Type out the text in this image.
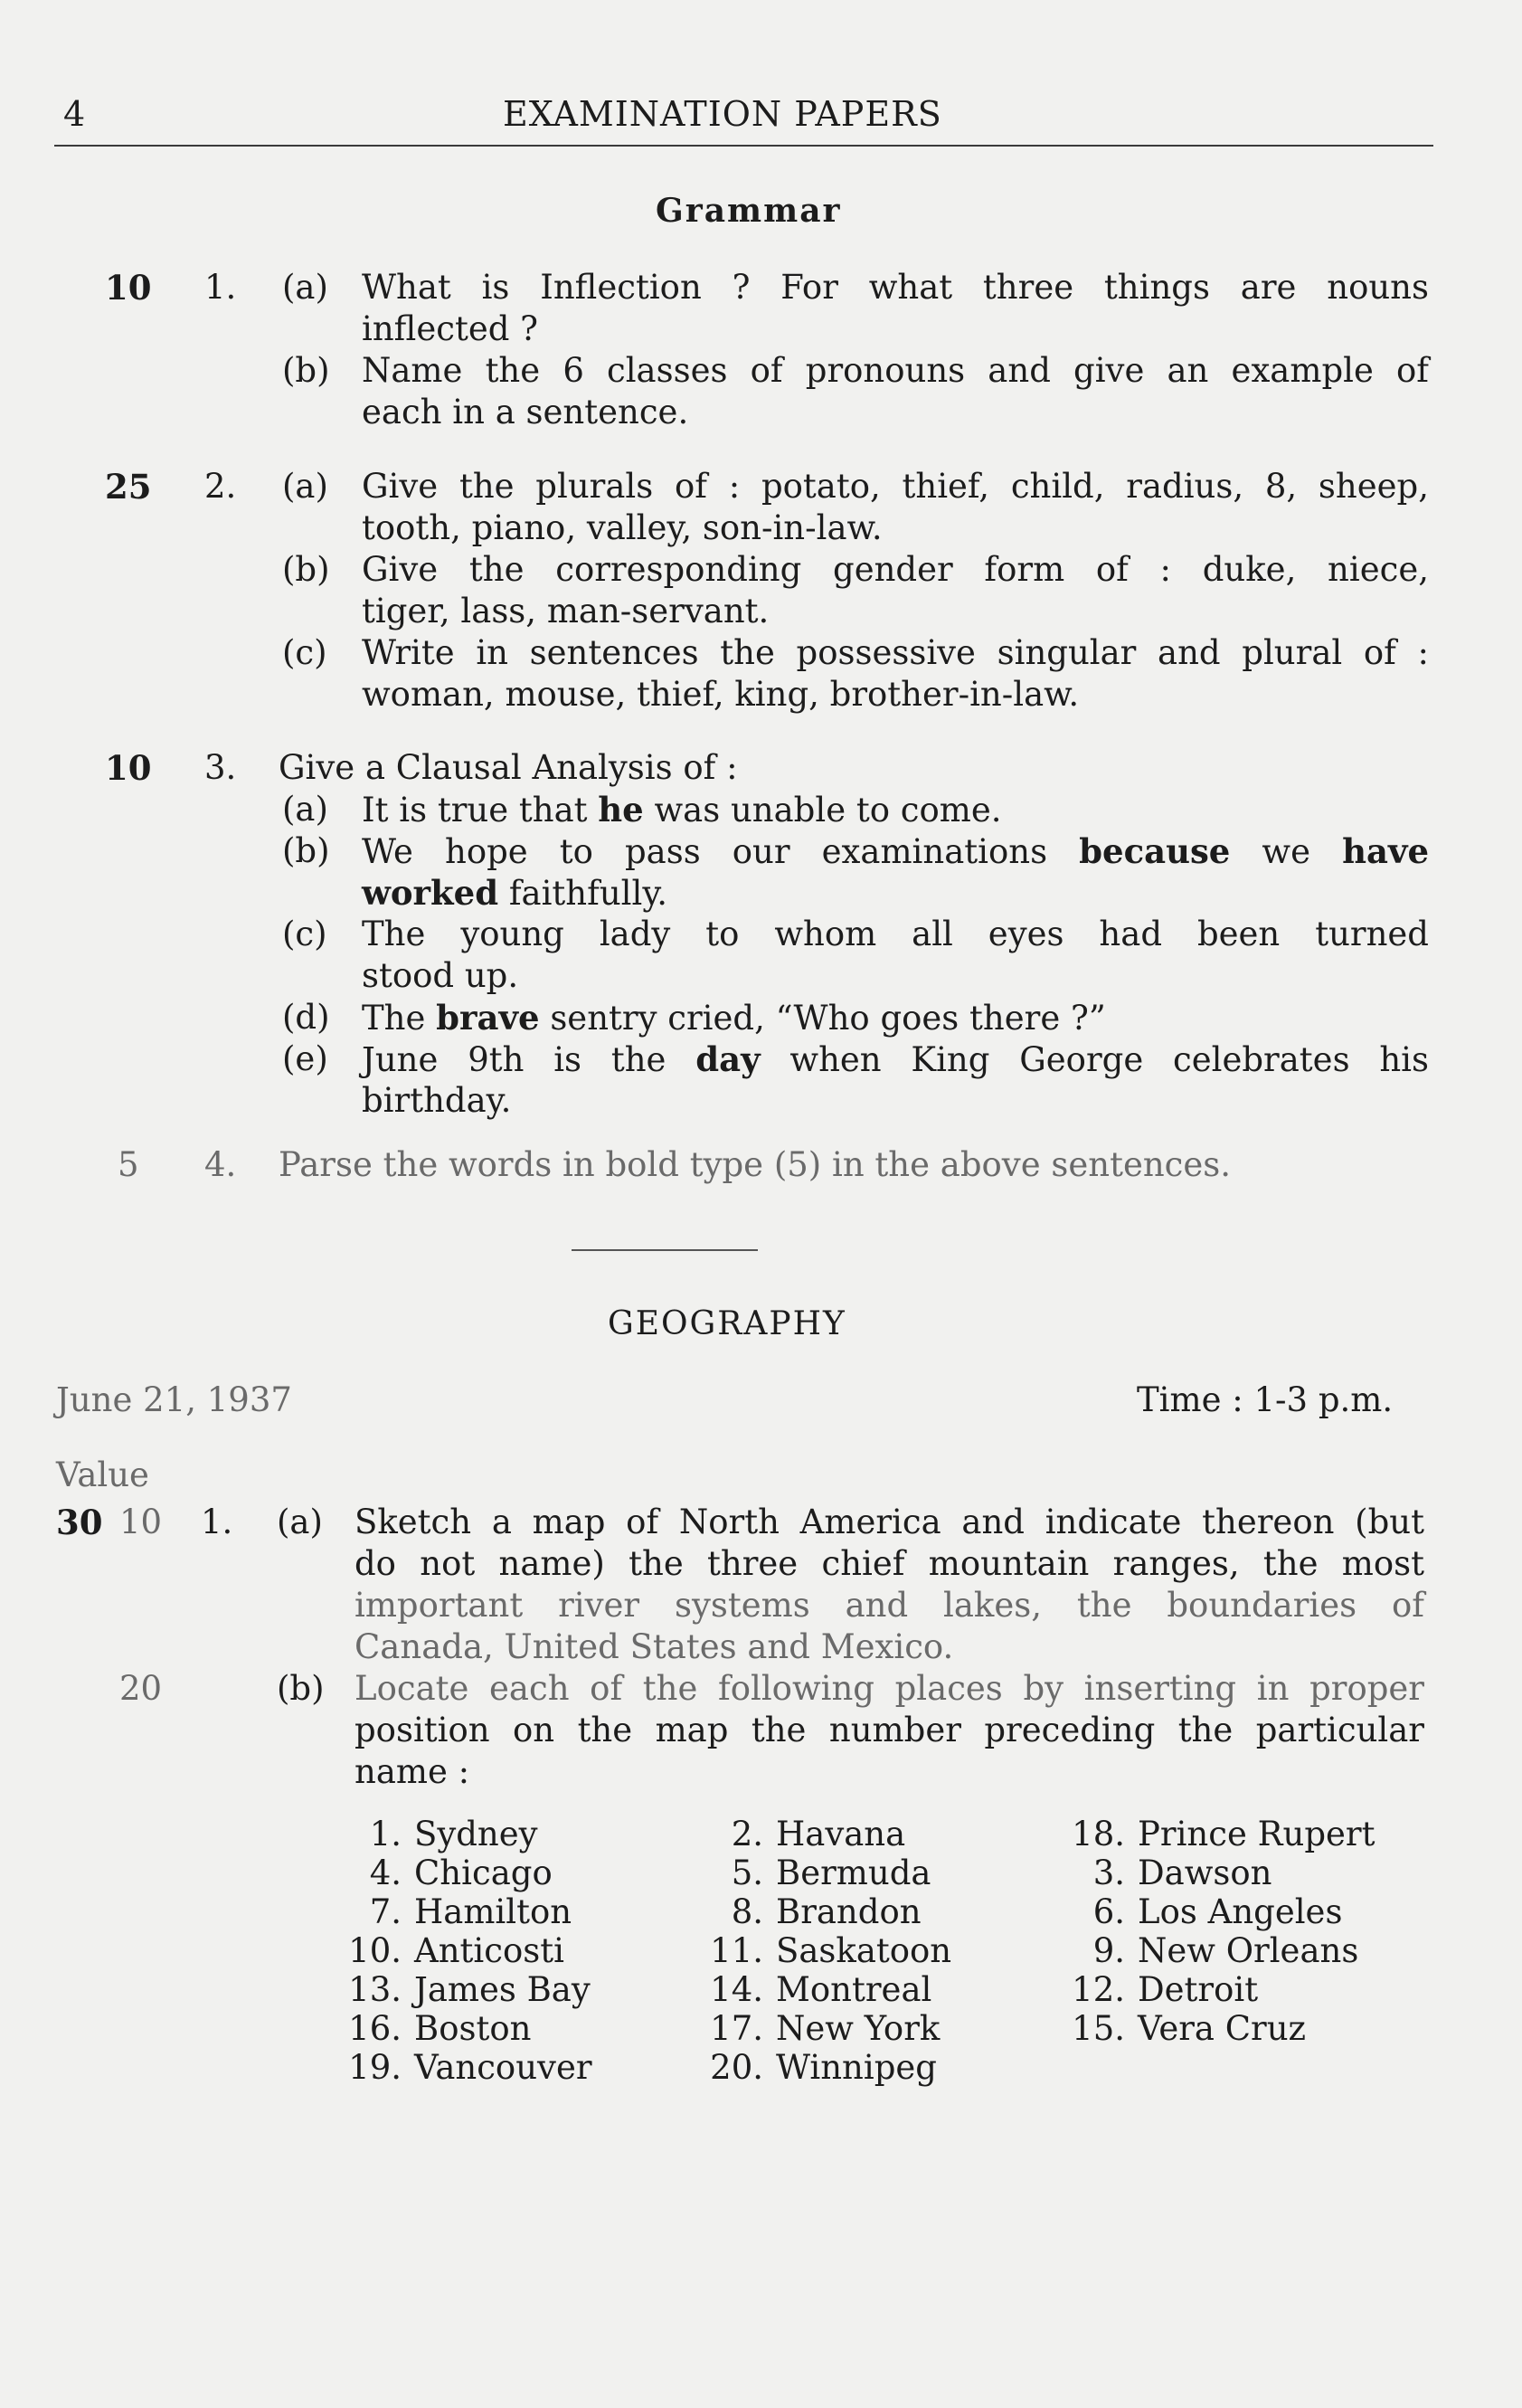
4	EXAMINATION PAPERS
Grammar
10 1. (a) What is Inflection ? For what three things are nouns
inflected ?
(b) Name the 6 classes of pronouns and give an example of
each in a sentence.
25 2. (a) Give the plurals of : potato, thief, child, radius, 8, sheep,
tooth, piano, valley, son-in-law.
(b) Give the corresponding gender form of : duke, niece,
tiger, lass, man-servant.
(c) Write in sentences the possessive singular and plural of :
woman, mouse, thief, king, brother-in-law.
10 3. Give a Clausal Analysis of :
(a) It is true that he was unable to come.
(b) We hope to pass our examinations because we have
worked faithfully.
(c) The young lady to whom all eyes had been turned
stood up.
(d) The brave sentry cried, “Who goes there ?”
(e) June 9th is the day when King George celebrates his
birthday.
5 4. Parse the words in bold type (5) in the above sentences.
GEOGRAPHY
June 21, 1937	Time : 1-3 p.m.
Value
30 10 1. (a) Sketch a map of North America and indicate thereon (but
do not name) the three chief mountain ranges, the most
important river systems and lakes, the boundaries of
Canada, United States and Mexico.
20	(b) Locate each of the following places by inserting in proper
position on the map the number preceding the particular
name :
1. Sydney	2. Havana	18. Prince Rupert
4. Chicago	5. Bermuda	3. Dawson
7. Hamilton	8. Brandon	6. Los Angeles
10. Anticosti	11. Saskatoon	9. New Orleans
13. James Bay	14. Montreal	12. Detroit
16. Boston	17. New York	15. Vera Cruz
19. Vancouver	20. Winnipeg
